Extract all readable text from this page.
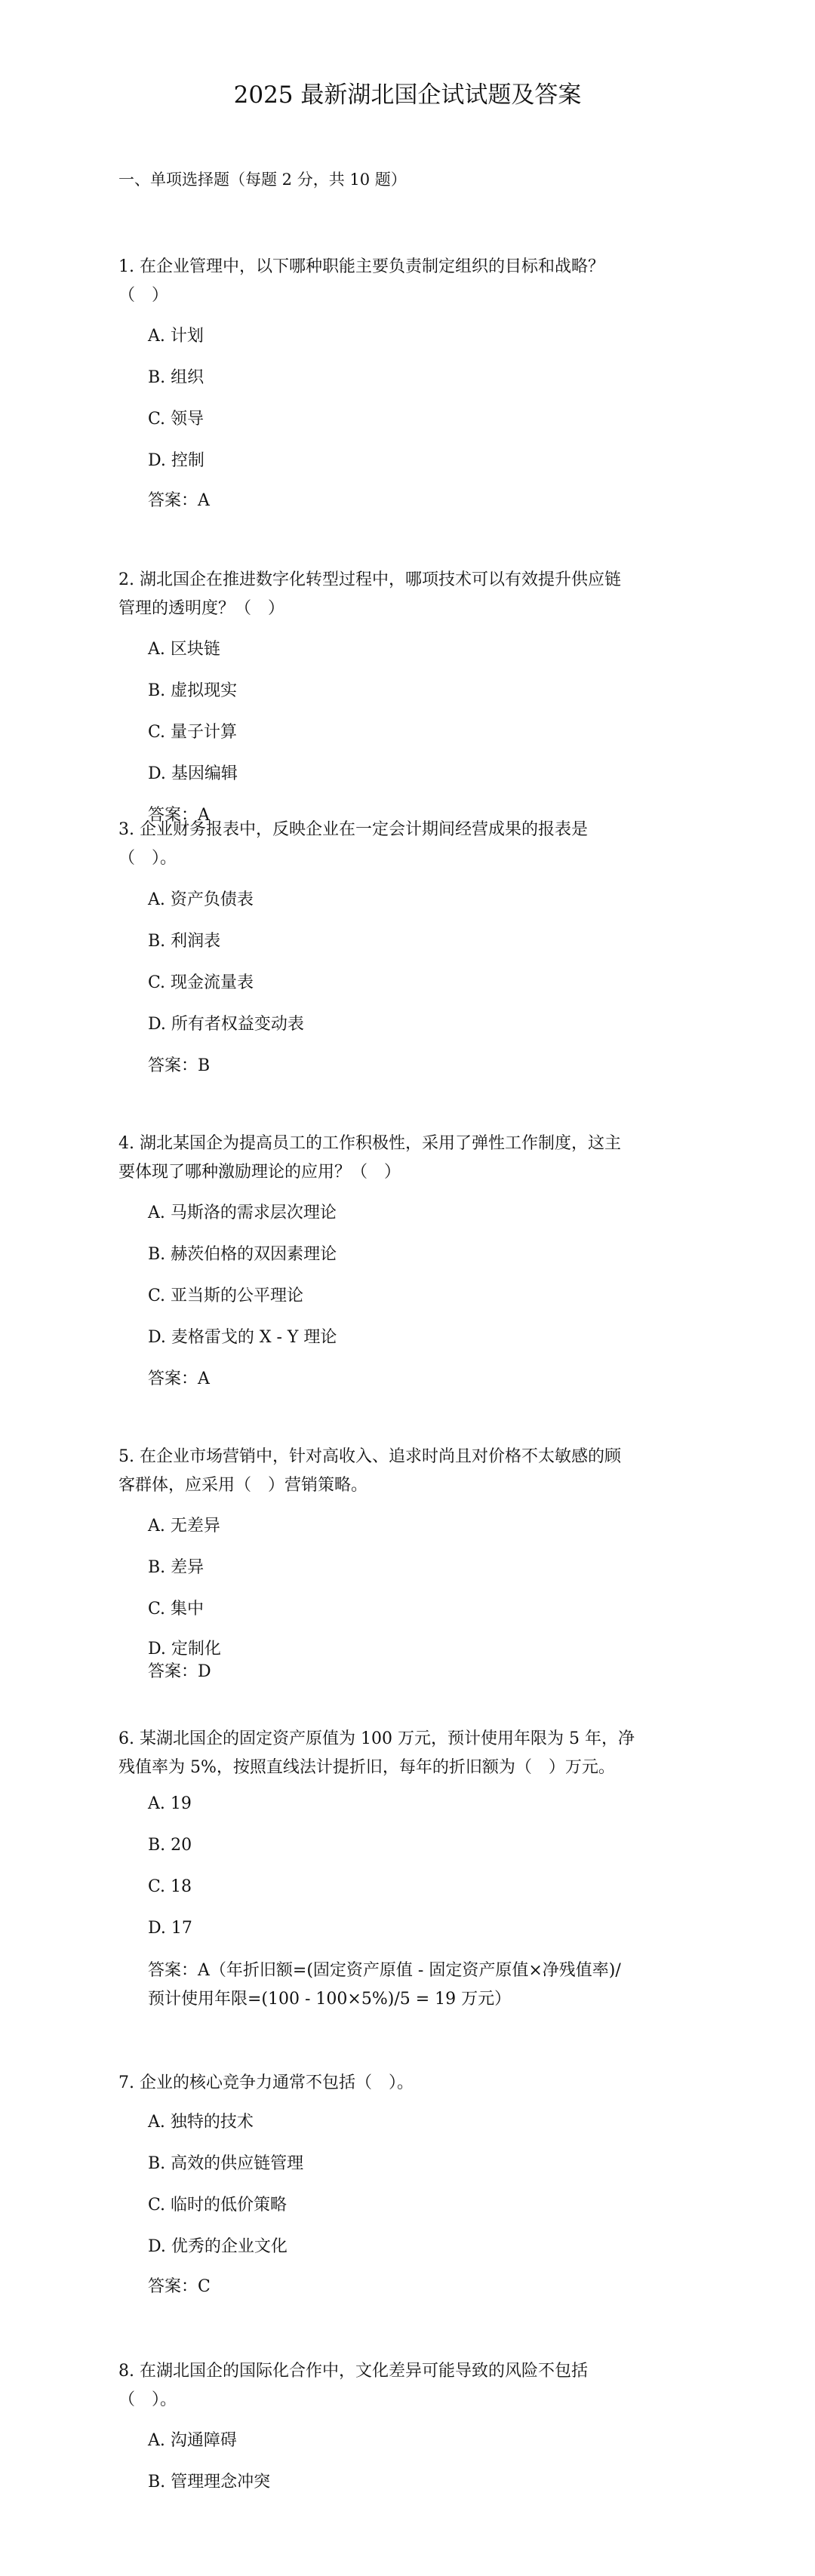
2025 最新湖北国企试试题及答案
一、单项选择题（每题 2 分，共 10 题）
1. 在企业管理中，以下哪种职能主要负责制定组织的目标和战略？
（　）
A. 计划
B. 组织
C. 领导
D. 控制
答案：A
2. 湖北国企在推进数字化转型过程中，哪项技术可以有效提升供应链
管理的透明度？（　）
A. 区块链
B. 虚拟现实
C. 量子计算
D. 基因编辑
答案：A
3. 企业财务报表中，反映企业在一定会计期间经营成果的报表是
（　）。
A. 资产负债表
B. 利润表
C. 现金流量表
D. 所有者权益变动表
答案：B
4. 湖北某国企为提高员工的工作积极性，采用了弹性工作制度，这主
要体现了哪种激励理论的应用？（　）
A. 马斯洛的需求层次理论
B. 赫茨伯格的双因素理论
C. 亚当斯的公平理论
D. 麦格雷戈的 X - Y 理论
答案：A
5. 在企业市场营销中，针对高收入、追求时尚且对价格不太敏感的顾
客群体，应采用（　）营销策略。
A. 无差异
B. 差异
C. 集中
D. 定制化
答案：D
6. 某湖北国企的固定资产原值为 100 万元，预计使用年限为 5 年，净
残值率为 5%，按照直线法计提折旧，每年的折旧额为（　）万元。
A. 19
B. 20
C. 18
D. 17
答案：A（年折旧额=(固定资产原值 - 固定资产原值×净残值率)/
预计使用年限=(100 - 100×5%)/5 = 19 万元）
7. 企业的核心竞争力通常不包括（　）。
A. 独特的技术
B. 高效的供应链管理
C. 临时的低价策略
D. 优秀的企业文化
答案：C
8. 在湖北国企的国际化合作中，文化差异可能导致的风险不包括
（　）。
A. 沟通障碍
B. 管理理念冲突
